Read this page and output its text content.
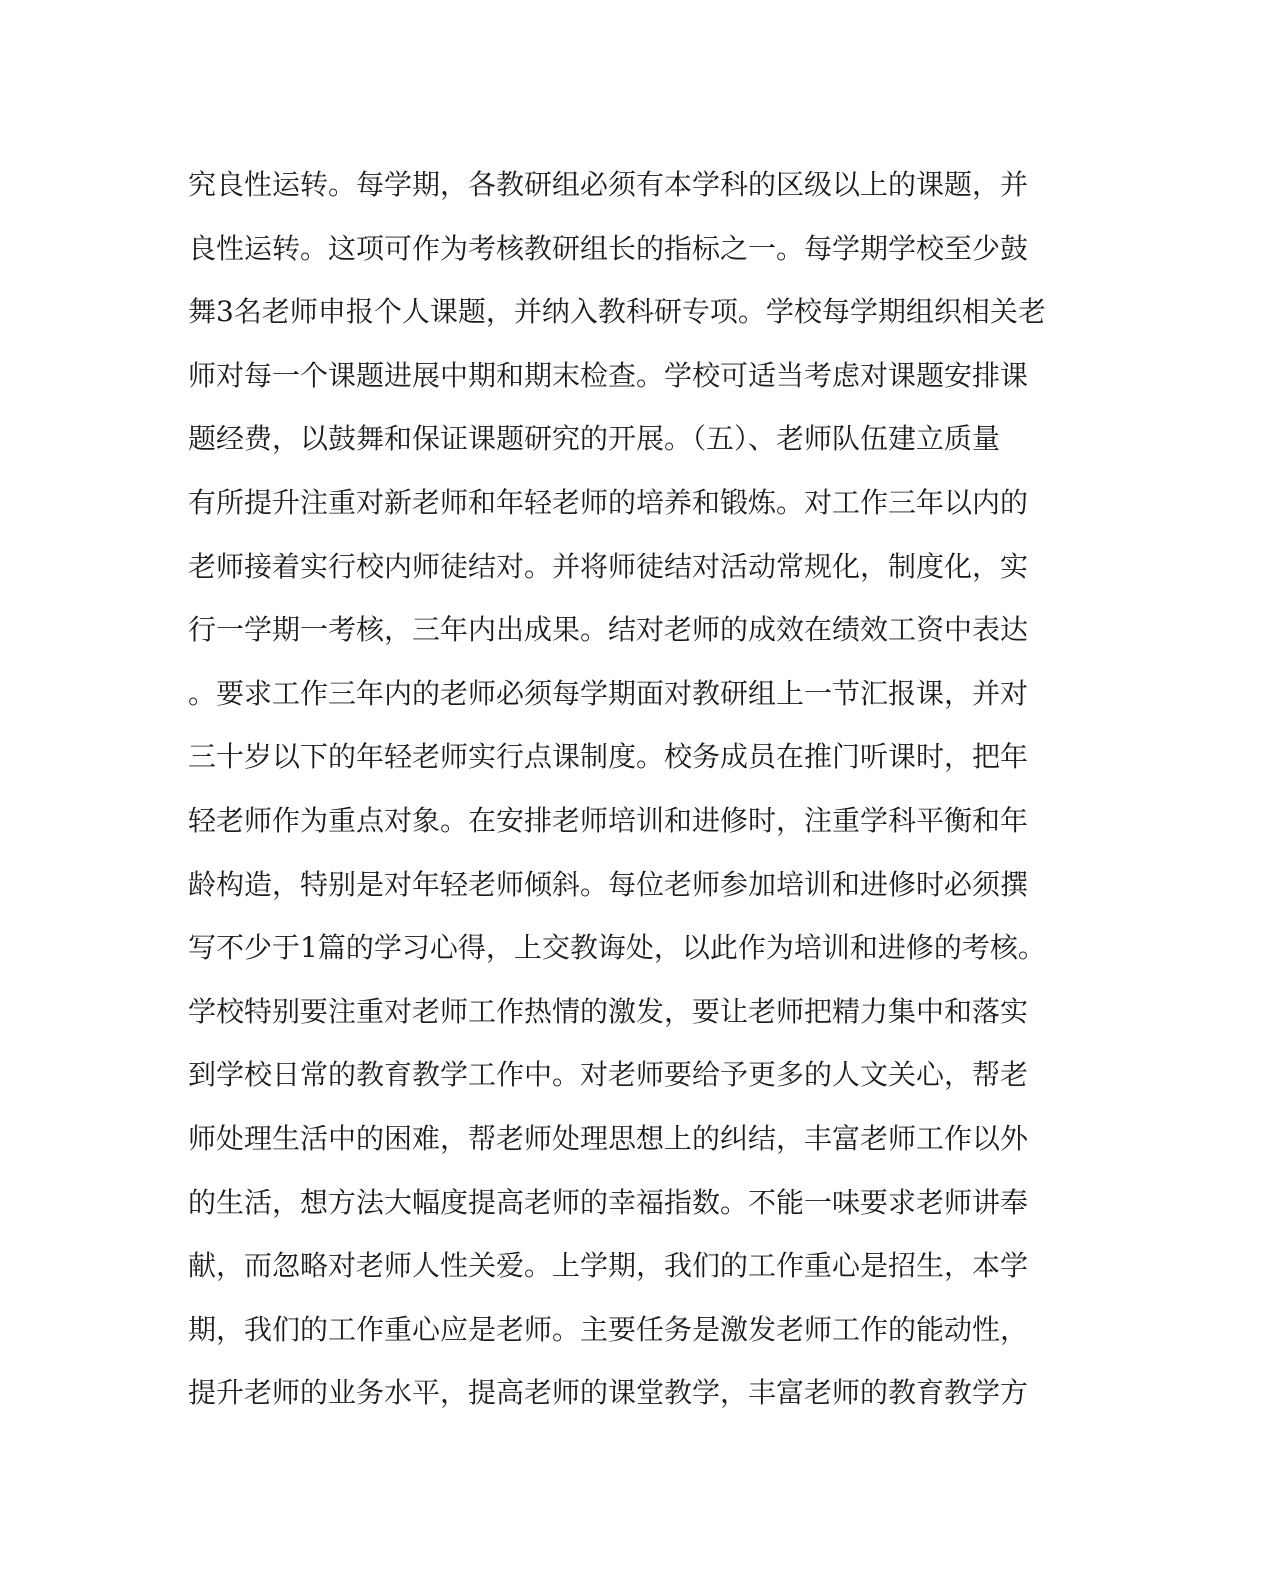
究良性运转。每学期，各教研组必须有本学科的区级以上的课题，并
良性运转。这项可作为考核教研组长的指标之一。每学期学校至少鼓
舞3名老师申报个人课题，并纳入教科研专项。学校每学期组织相关老
师对每一个课题进展中期和期末检查。学校可适当考虑对课题安排课
题经费，以鼓舞和保证课题研究的开展。（五）、老师队伍建立质量
有所提升注重对新老师和年轻老师的培养和锻炼。对工作三年以内的
老师接着实行校内师徒结对。并将师徒结对活动常规化，制度化，实
行一学期一考核，三年内出成果。结对老师的成效在绩效工资中表达
。要求工作三年内的老师必须每学期面对教研组上一节汇报课，并对
三十岁以下的年轻老师实行点课制度。校务成员在推门听课时，把年
轻老师作为重点对象。在安排老师培训和进修时，注重学科平衡和年
龄构造，特别是对年轻老师倾斜。每位老师参加培训和进修时必须撰
写不少于1篇的学习心得，上交教诲处，以此作为培训和进修的考核。
学校特别要注重对老师工作热情的激发，要让老师把精力集中和落实
到学校日常的教育教学工作中。对老师要给予更多的人文关心，帮老
师处理生活中的困难，帮老师处理思想上的纠结，丰富老师工作以外
的生活，想方法大幅度提高老师的幸福指数。不能一味要求老师讲奉
献，而忽略对老师人性关爱。上学期，我们的工作重心是招生，本学
期，我们的工作重心应是老师。主要任务是激发老师工作的能动性，
提升老师的业务水平，提高老师的课堂教学，丰富老师的教育教学方
